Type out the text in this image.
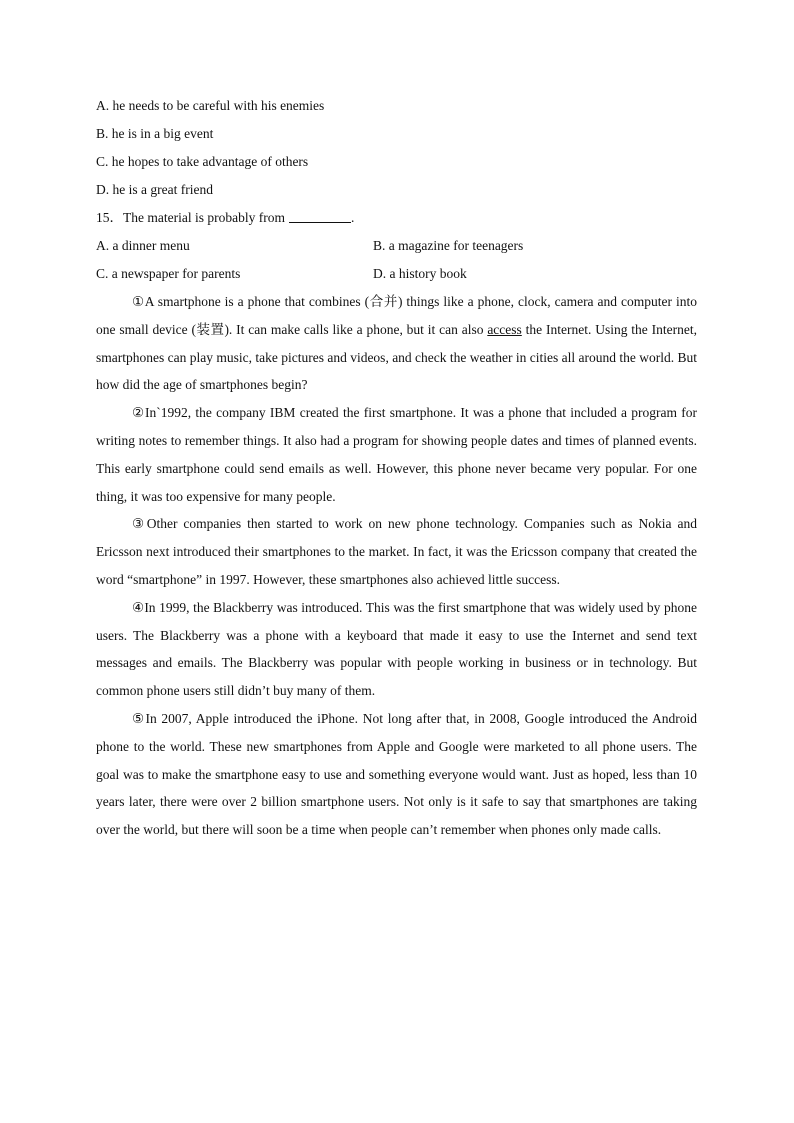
A. he needs to be careful with his enemies
B. he is in a big event
C. he hopes to take advantage of others
D. he is a great friend
15．The material is probably from	.
A. a dinner menu	B. a magazine for teenagers
C. a newspaper for parents	D. a history book

①A smartphone is a phone that combines (合并) things like a phone, clock, camera and computer into one small device (装置). It can make calls like a phone, but it can also access the Internet. Using the Internet, smartphones can play music, take pictures and videos, and check the weather in cities all around the world. But how did the age of smartphones begin?

②In`1992, the company IBM created the first smartphone. It was a phone that included a program for writing notes to remember things. It also had a program for showing people dates and times of planned events. This early smartphone could send emails as well. However, this phone never became very popular. For one thing, it was too expensive for many people.

③Other companies then started to work on new phone technology. Companies such as Nokia and Ericsson next introduced their smartphones to the market. In fact, it was the Ericsson company that created the word “smartphone” in 1997. However, these smartphones also achieved little success.

④In 1999, the Blackberry was introduced. This was the first smartphone that was widely used by phone users. The Blackberry was a phone with a keyboard that made it easy to use the Internet and send text messages and emails. The Blackberry was popular with people working in business or in technology. But common phone users still didn’t buy many of them.

⑤In 2007, Apple introduced the iPhone. Not long after that, in 2008, Google introduced the Android phone to the world. These new smartphones from Apple and Google were marketed to all phone users. The goal was to make the smartphone easy to use and something everyone would want. Just as hoped, less than 10 years later, there were over 2 billion smartphone users. Not only is it safe to say that smartphones are taking over the world, but there will soon be a time when people can’t remember when phones only made calls.
